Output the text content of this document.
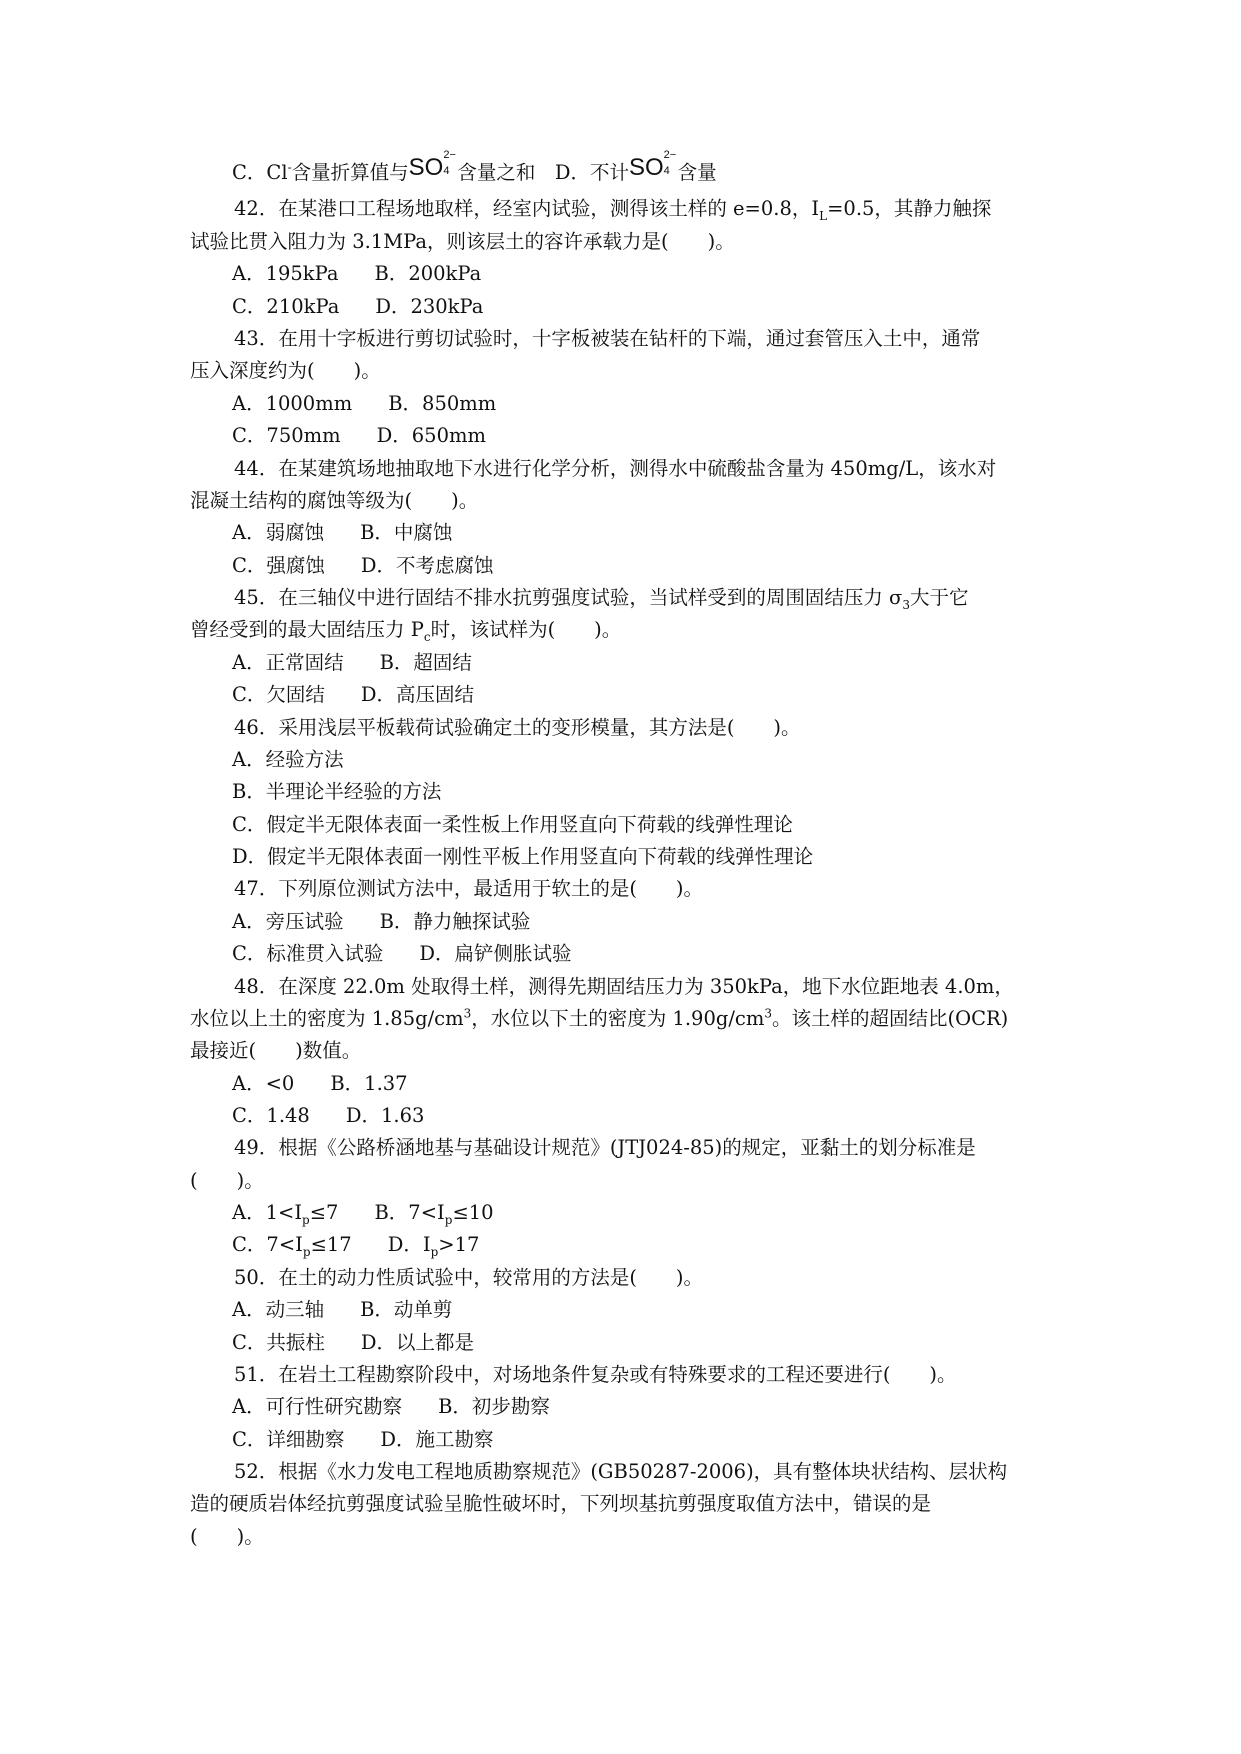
C．Cl-含量折算值与SO 2−
4 含量之和　D．不计SO 2−
4 含量
42．在某港口工程场地取样，经室内试验，测得该土样的 e=0.8，$I_L=0.5$，其静力触探
试验比贯入阻力为 3.1MPa，则该层土的容许承载力是(　　)。
A．195kPa B．200kPa
C．210kPa D．230kPa
43．在用十字板进行剪切试验时，十字板被装在钻杆的下端，通过套管压入土中，通常
压入深度约为(　　)。
A．1000mm B．850mm
C．750mm D．650mm
44．在某建筑场地抽取地下水进行化学分析，测得水中硫酸盐含量为 450mg/L，该水对
混凝土结构的腐蚀等级为(　　)。
A．弱腐蚀 B．中腐蚀
C．强腐蚀 D．不考虑腐蚀
45．在三轴仪中进行固结不排水抗剪强度试验，当试样受到的周围固结压力 $\sigma_3$大于它
曾经受到的最大固结压力 $P_c$时，该试样为(　　)。
A．正常固结 B．超固结
C．欠固结 D．高压固结
46．采用浅层平板载荷试验确定土的变形模量，其方法是(　　)。
A．经验方法
B．半理论半经验的方法
C．假定半无限体表面一柔性板上作用竖直向下荷载的线弹性理论
D．假定半无限体表面一刚性平板上作用竖直向下荷载的线弹性理论
47．下列原位测试方法中，最适用于软土的是(　　)。
A．旁压试验 B．静力触探试验
C．标准贯入试验 D．扁铲侧胀试验
48．在深度 22.0m 处取得土样，测得先期固结压力为 350kPa，地下水位距地表 4.0m，
水位以上土的密度为 $1.85g/cm^3$，水位以下土的密度为 $1.90g/cm^3$。该土样的超固结比(OCR)
最接近(　　)数值。
A．<0 B．1.37
C．1.48 D．1.63
49．根据《公路桥涵地基与基础设计规范》(JTJ024-85)的规定，亚黏土的划分标准是
(　　)。
A．$1<I_p\le 7$ B．$7<I_p\le 10$
C．$7<I_p\le 17$ D．$I_p>17$
50．在土的动力性质试验中，较常用的方法是(　　)。
A．动三轴 B．动单剪
C．共振柱 D．以上都是
51．在岩土工程勘察阶段中，对场地条件复杂或有特殊要求的工程还要进行(　　)。
A．可行性研究勘察 B．初步勘察
C．详细勘察 D．施工勘察
52．根据《水力发电工程地质勘察规范》(GB50287-2006)，具有整体块状结构、层状构
造的硬质岩体经抗剪强度试验呈脆性破坏时，下列坝基抗剪强度取值方法中，错误的是
(　　)。
